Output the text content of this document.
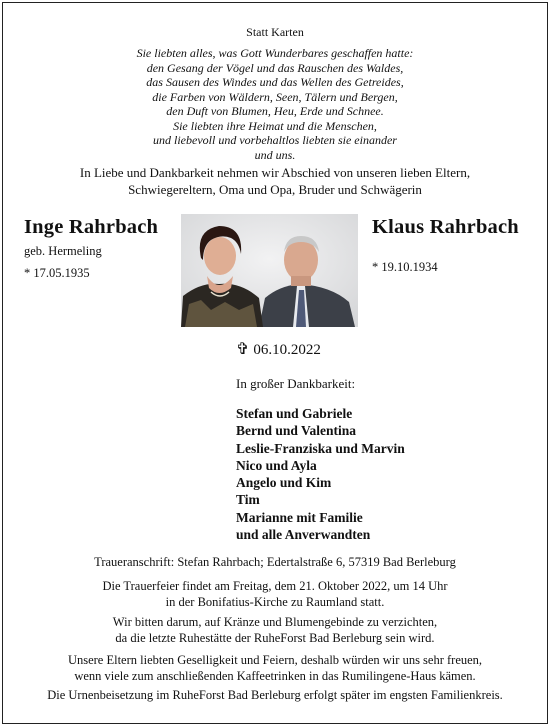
Statt Karten
Sie liebten alles, was Gott Wunderbares geschaffen hatte:
den Gesang der Vögel und das Rauschen des Waldes,
das Sausen des Windes und das Wellen des Getreides,
die Farben von Wäldern, Seen, Tälern und Bergen,
den Duft von Blumen, Heu, Erde und Schnee.
Sie liebten ihre Heimat und die Menschen,
und liebevoll und vorbehaltlos liebten sie einander
und uns.
In Liebe und Dankbarkeit nehmen wir Abschied von unseren lieben Eltern,
Schwiegereltern, Oma und Opa, Bruder und Schwägerin
Inge Rahrbach
geb. Hermeling
* 17.05.1935
Klaus Rahrbach
* 19.10.1934
✞ 06.10.2022
In großer Dankbarkeit:
Stefan und Gabriele
Bernd und Valentina
Leslie-Franziska und Marvin
Nico und Ayla
Angelo und Kim
Tim
Marianne mit Familie
und alle Anverwandten
Traueranschrift: Stefan Rahrbach; Edertalstraße 6, 57319 Bad Berleburg
Die Trauerfeier findet am Freitag, dem 21. Oktober 2022, um 14 Uhr
in der Bonifatius-Kirche zu Raumland statt.
Wir bitten darum, auf Kränze und Blumengebinde zu verzichten,
da die letzte Ruhestätte der RuheForst Bad Berleburg sein wird.
Unsere Eltern liebten Geselligkeit und Feiern, deshalb würden wir uns sehr freuen,
wenn viele zum anschließenden Kaffeetrinken in das Rumilingene-Haus kämen.
Die Urnenbeisetzung im RuheForst Bad Berleburg erfolgt später im engsten Familienkreis.
